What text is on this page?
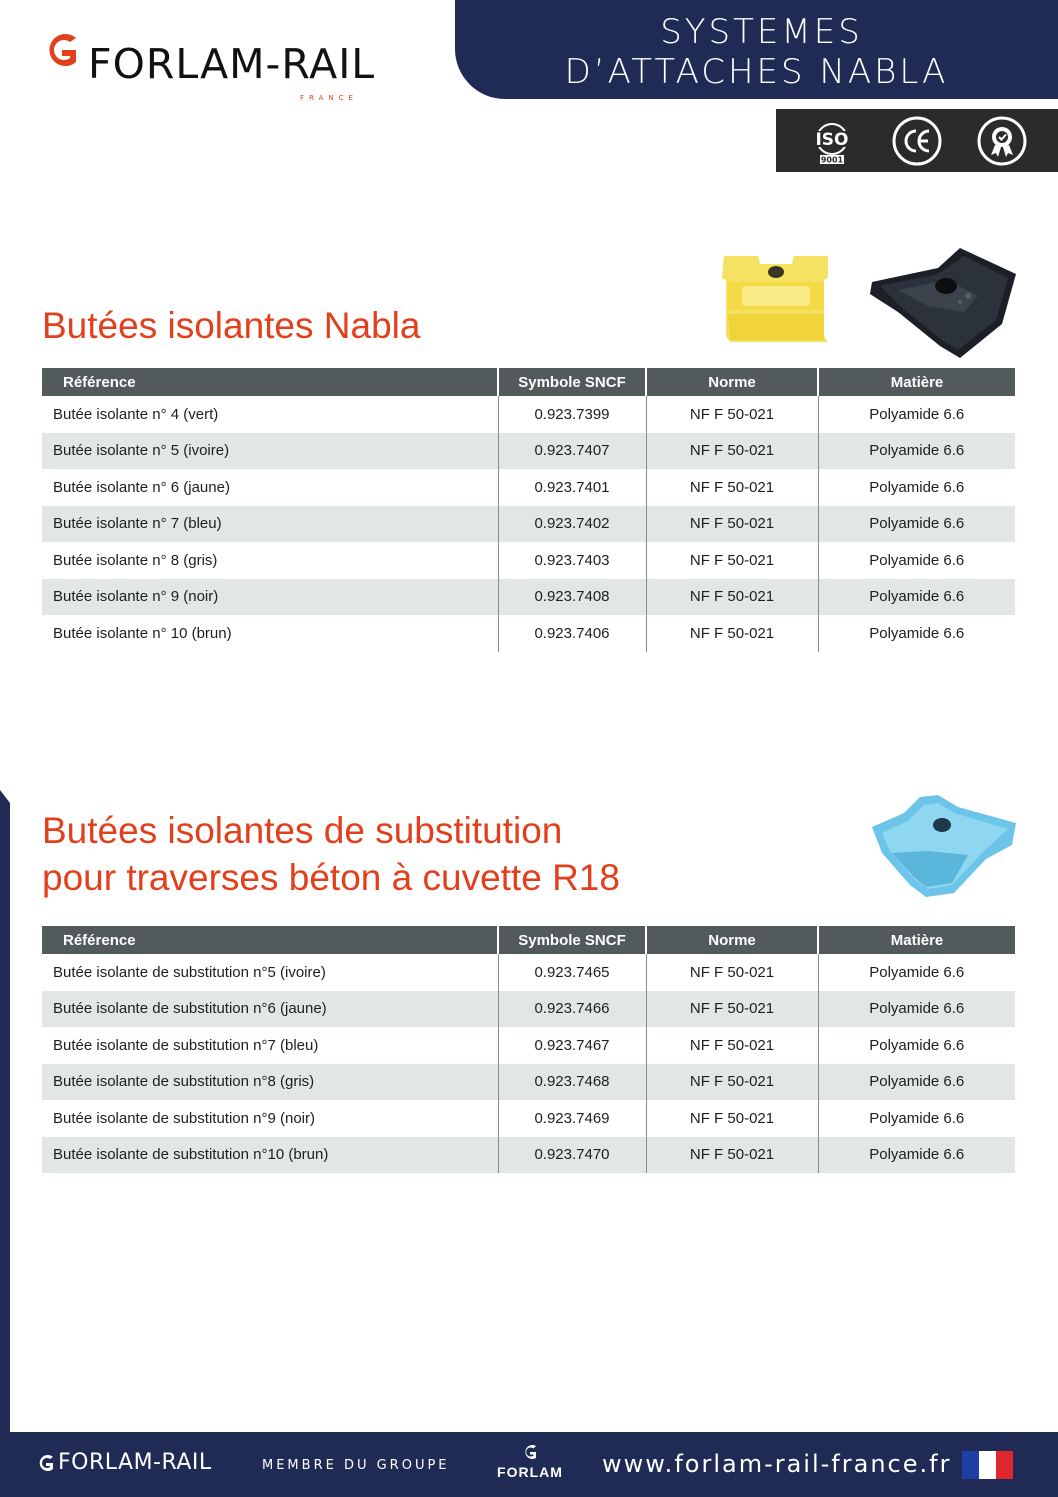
FORLAM-RAIL
FRANCE
SYSTEMES
D’ATTACHES NABLA
ISO
9001
Butées isolantes Nabla
Référence	Symbole SNCF	Norme	Matière
Butée isolante n° 4 (vert)	0.923.7399	NF F 50-021	Polyamide 6.6
Butée isolante n° 5 (ivoire)	0.923.7407	NF F 50-021	Polyamide 6.6
Butée isolante n° 6 (jaune)	0.923.7401	NF F 50-021	Polyamide 6.6
Butée isolante n° 7 (bleu)	0.923.7402	NF F 50-021	Polyamide 6.6
Butée isolante n° 8 (gris)	0.923.7403	NF F 50-021	Polyamide 6.6
Butée isolante n° 9 (noir)	0.923.7408	NF F 50-021	Polyamide 6.6
Butée isolante n° 10 (brun)	0.923.7406	NF F 50-021	Polyamide 6.6
Butées isolantes de substitution
pour traverses béton à cuvette R18
Référence	Symbole SNCF	Norme	Matière
Butée isolante de substitution n°5 (ivoire)	0.923.7465	NF F 50-021	Polyamide 6.6
Butée isolante de substitution n°6 (jaune)	0.923.7466	NF F 50-021	Polyamide 6.6
Butée isolante de substitution n°7 (bleu)	0.923.7467	NF F 50-021	Polyamide 6.6
Butée isolante de substitution n°8 (gris)	0.923.7468	NF F 50-021	Polyamide 6.6
Butée isolante de substitution n°9 (noir)	0.923.7469	NF F 50-021	Polyamide 6.6
Butée isolante de substitution n°10 (brun)	0.923.7470	NF F 50-021	Polyamide 6.6
FORLAM-RAIL	MEMBRE DU GROUPE	FORLAM www.forlam-rail-france.fr
